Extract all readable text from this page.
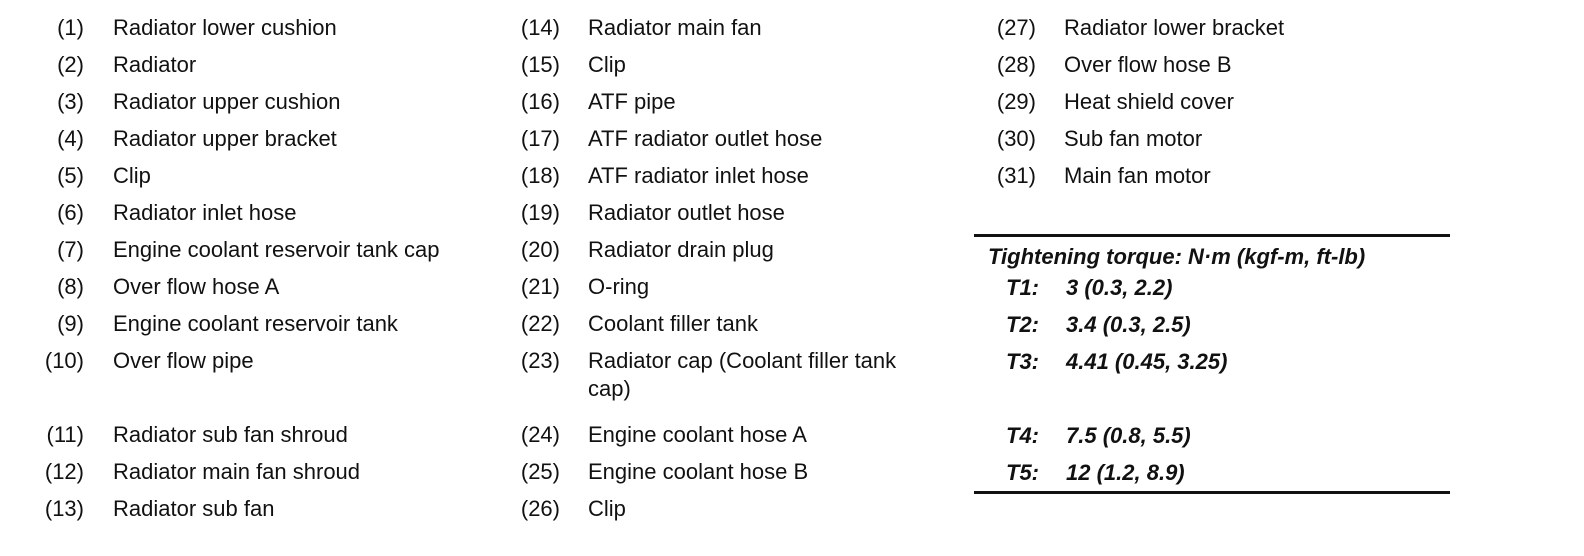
(1) Radiator lower cushion
(2) Radiator
(3) Radiator upper cushion
(4) Radiator upper bracket
(5) Clip
(6) Radiator inlet hose
(7) Engine coolant reservoir tank cap
(8) Over flow hose A
(9) Engine coolant reservoir tank
(10) Over flow pipe
(11) Radiator sub fan shroud
(12) Radiator main fan shroud
(13) Radiator sub fan
(14) Radiator main fan
(15) Clip
(16) ATF pipe
(17) ATF radiator outlet hose
(18) ATF radiator inlet hose
(19) Radiator outlet hose
(20) Radiator drain plug
(21) O-ring
(22) Coolant filler tank
(23) Radiator cap (Coolant filler tank cap)
(24) Engine coolant hose A
(25) Engine coolant hose B
(26) Clip
(27) Radiator lower bracket
(28) Over flow hose B
(29) Heat shield cover
(30) Sub fan motor
(31) Main fan motor
Tightening torque: N·m (kgf-m, ft-lb)
T1:	3 (0.3, 2.2)
T2:	3.4 (0.3, 2.5)
T3:	4.41 (0.45, 3.25)
T4:	7.5 (0.8, 5.5)
T5:	12 (1.2, 8.9)
